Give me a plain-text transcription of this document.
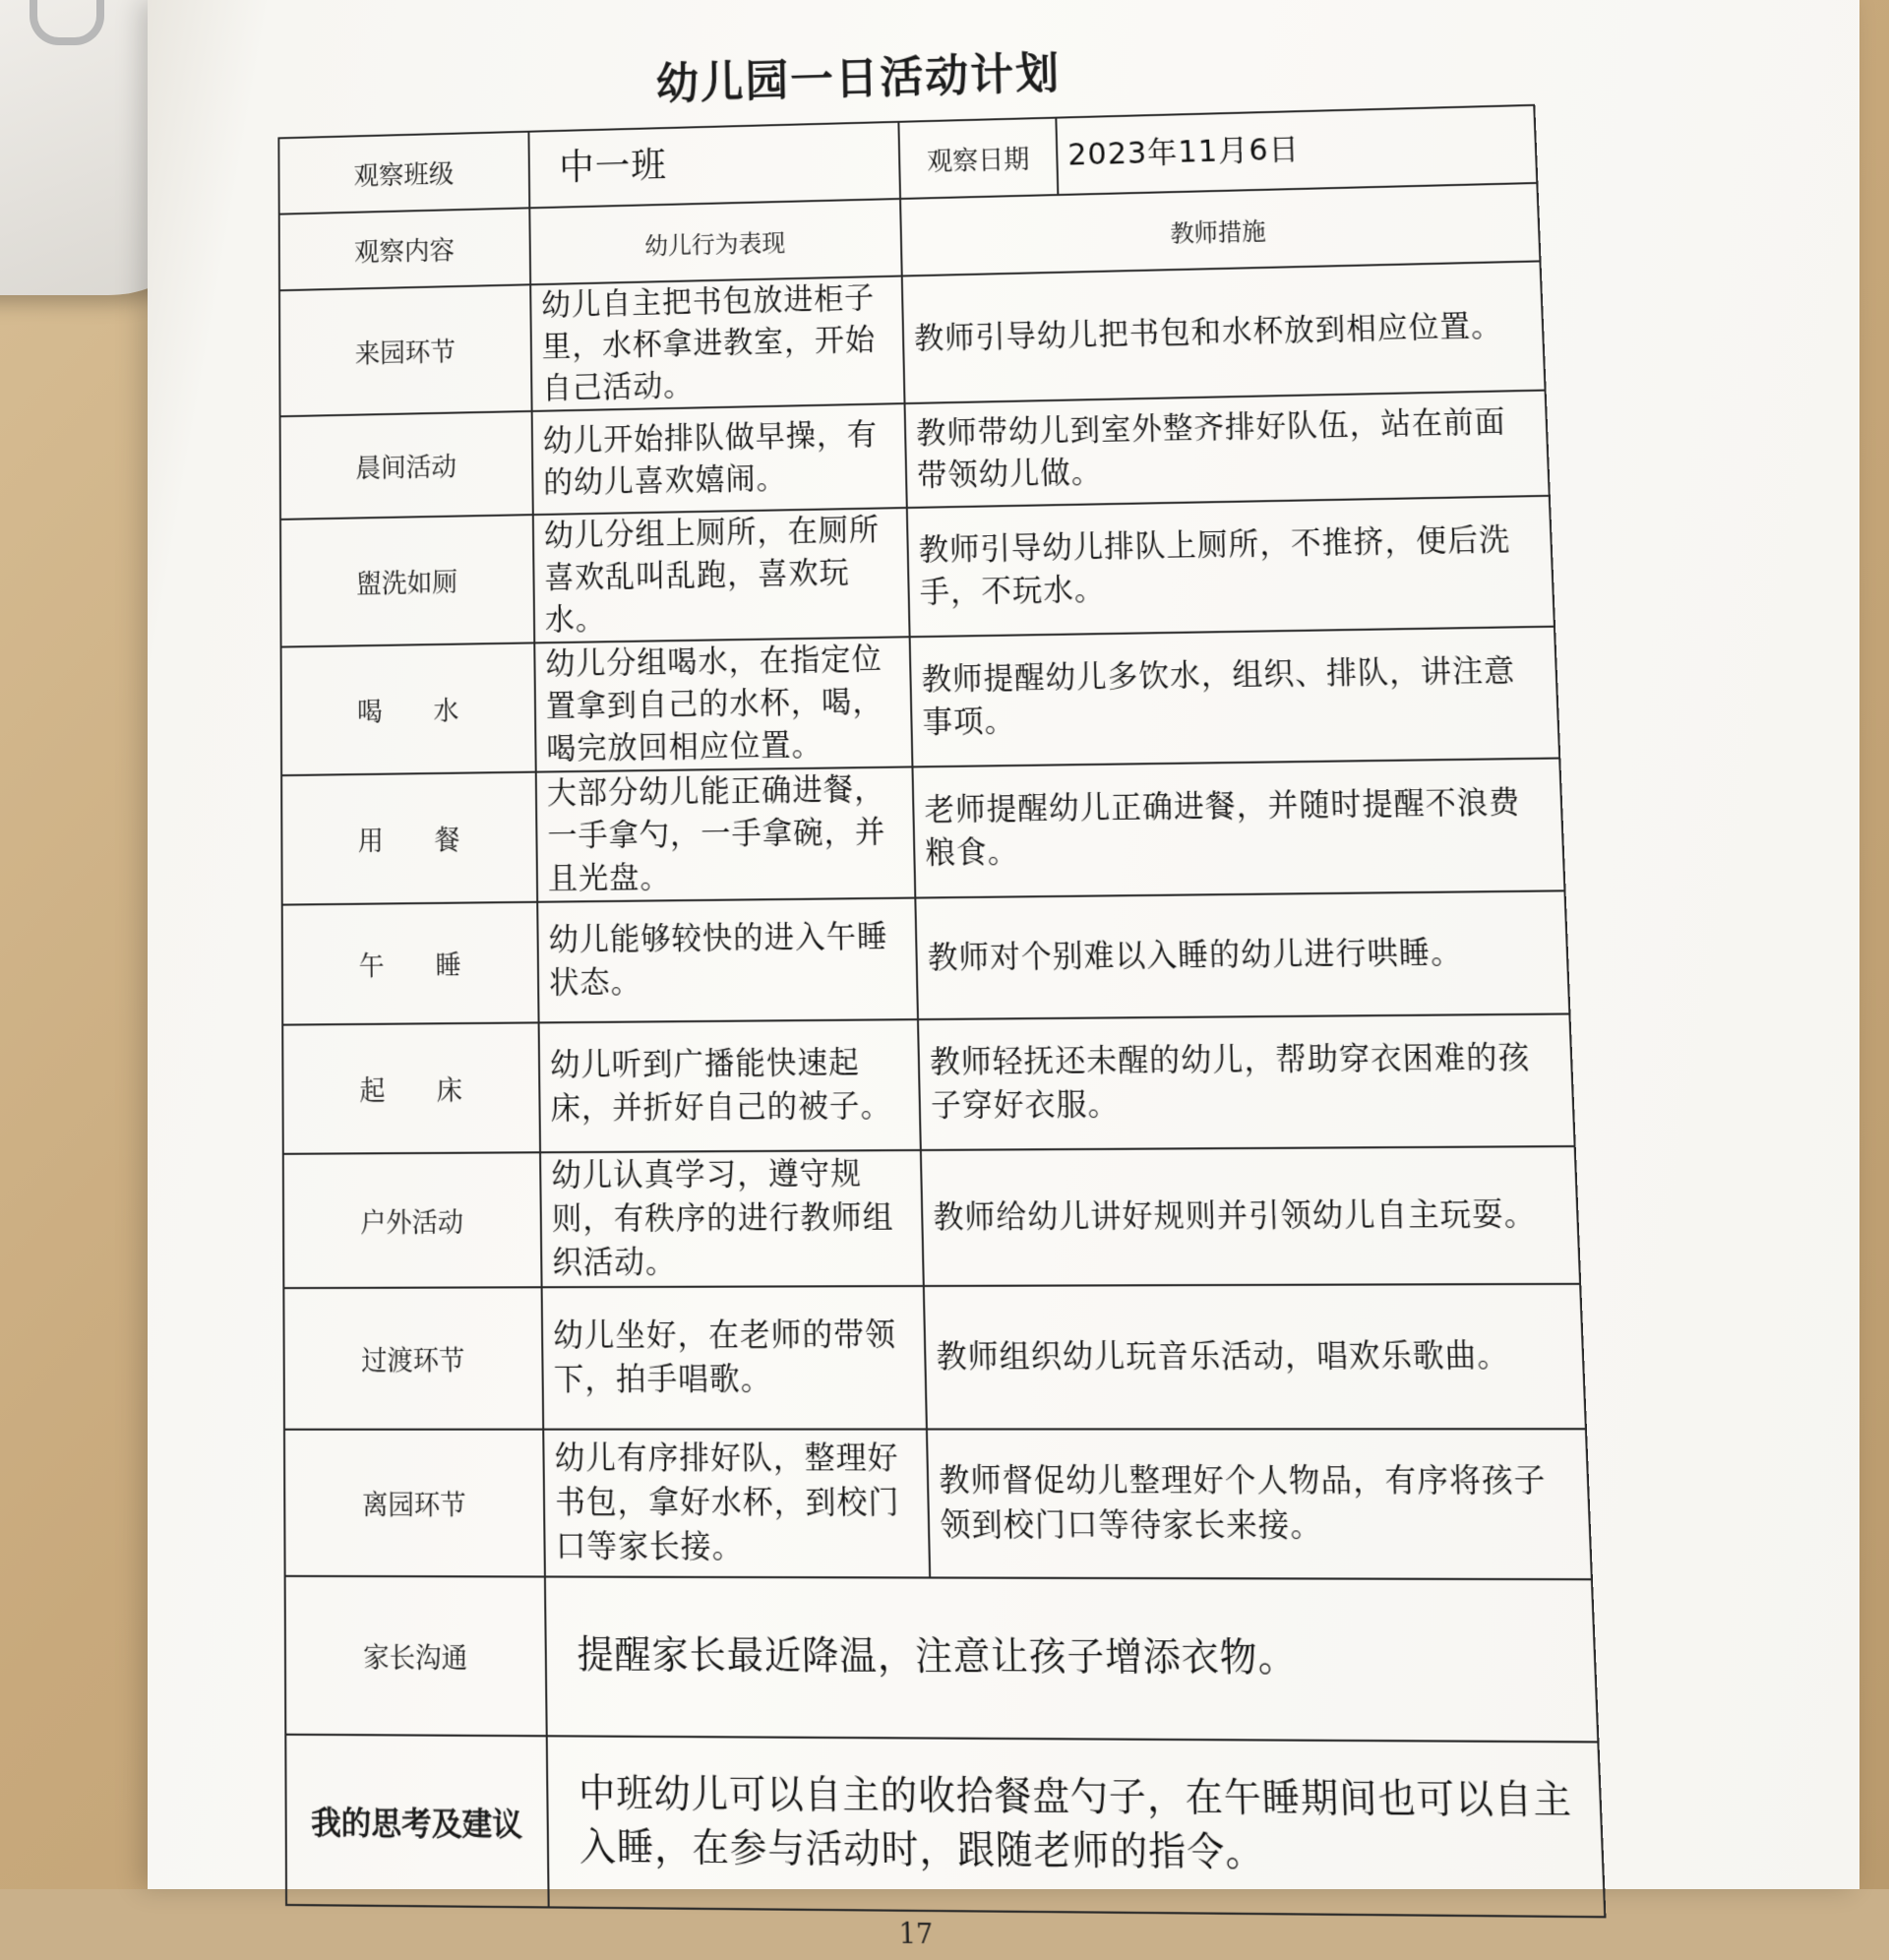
幼儿园一日活动计划
观察班级	中一班	观察日期	2023年11月6日
观察内容	幼儿行为表现	教师措施	
来园环节	幼儿自主把书包放进柜子里，水杯拿进教室，开始自己活动。	教师引导幼儿把书包和水杯放到相应位置。	
晨间活动	幼儿开始排队做早操，有的幼儿喜欢嬉闹。	教师带幼儿到室外整齐排好队伍，站在前面带领幼儿做。	
盥洗如厕	幼儿分组上厕所，在厕所喜欢乱叫乱跑，喜欢玩水。	教师引导幼儿排队上厕所，不推挤，便后洗手，不玩水。	
喝　　水	幼儿分组喝水，在指定位置拿到自己的水杯，喝，喝完放回相应位置。	教师提醒幼儿多饮水，组织、排队，讲注意事项。	
用　　餐	大部分幼儿能正确进餐，一手拿勺，一手拿碗，并且光盘。	老师提醒幼儿正确进餐，并随时提醒不浪费粮食。	
午　　睡	幼儿能够较快的进入午睡状态。	教师对个别难以入睡的幼儿进行哄睡。	
起　　床	幼儿听到广播能快速起床，并折好自己的被子。	教师轻抚还未醒的幼儿，帮助穿衣困难的孩子穿好衣服。	
户外活动	幼儿认真学习，遵守规则，有秩序的进行教师组织活动。	教师给幼儿讲好规则并引领幼儿自主玩耍。	
过渡环节	幼儿坐好，在老师的带领下，拍手唱歌。	教师组织幼儿玩音乐活动，唱欢乐歌曲。	
离园环节	幼儿有序排好队，整理好书包，拿好水杯，到校门口等家长接。	教师督促幼儿整理好个人物品，有序将孩子领到校门口等待家长来接。	
家长沟通	提醒家长最近降温，注意让孩子增添衣物。		
我的思考及建议	中班幼儿可以自主的收拾餐盘勺子，在午睡期间也可以自主入睡，在参与活动时，跟随老师的指令。		
17
